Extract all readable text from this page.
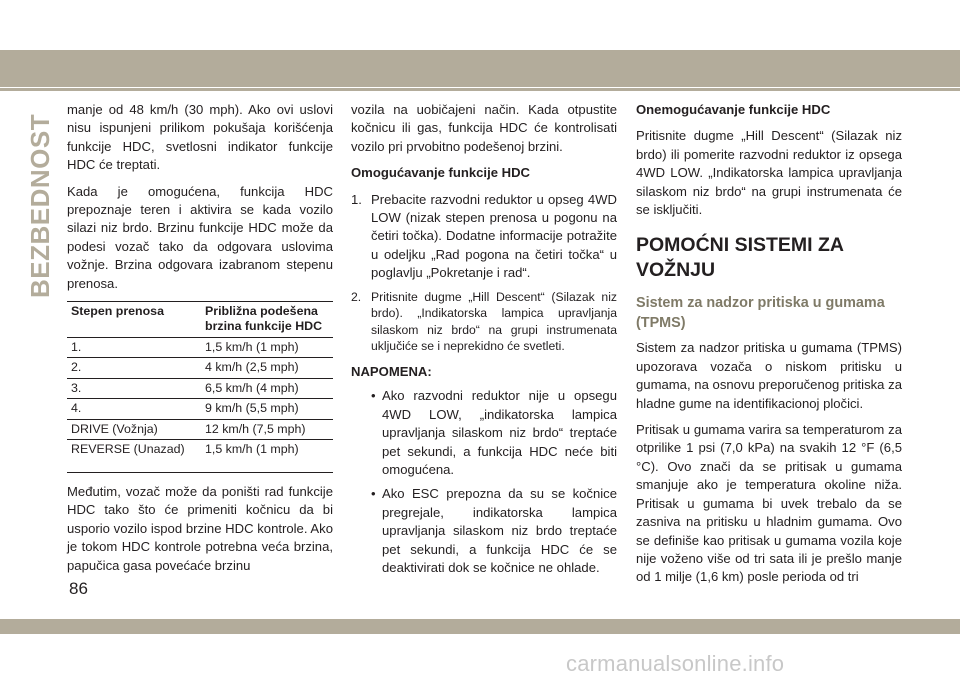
BEZBEDNOST

manje od 48 km/h (30 mph). Ako ovi uslovi nisu ispunjeni prilikom pokušaja korišćenja funkcije HDC, svetlosni indikator funkcije HDC će treptati.

Kada je omogućena, funkcija HDC prepoznaje teren i aktivira se kada vozilo silazi niz brdo. Brzinu funkcije HDC može da podesi vozač tako da odgovara uslovima vožnje. Brzina odgovara izabranom stepenu prenosa.

Stepen prenosa	Približna podešena brzina funkcije HDC
1.	1,5 km/h (1 mph)
2.	4 km/h (2,5 mph)
3.	6,5 km/h (4 mph)
4.	9 km/h (5,5 mph)
DRIVE (Vožnja)	12 km/h (7,5 mph)
REVERSE (Unazad)	1,5 km/h (1 mph)

Međutim, vozač može da poništi rad funkcije HDC tako što će primeniti kočnicu da bi usporio vozilo ispod brzine HDC kontrole. Ako je tokom HDC kontrole potrebna veća brzina, papučica gasa povećaće brzinu

vozila na uobičajeni način. Kada otpustite kočnicu ili gas, funkcija HDC će kontrolisati vozilo pri prvobitno podešenoj brzini.

Omogućavanje funkcije HDC
1. Prebacite razvodni reduktor u opseg 4WD LOW (nizak stepen prenosa u pogonu na četiri točka). Dodatne informacije potražite u odeljku „Rad pogona na četiri točka“ u poglavlju „Pokretanje i rad“.
2. Pritisnite dugme „Hill Descent“ (Silazak niz brdo). „Indikatorska lampica upravljanja silaskom niz brdo“ na grupi instrumenata uključiće se i neprekidno će svetleti.
NAPOMENA:
• Ako razvodni reduktor nije u opsegu 4WD LOW, „indikatorska lampica upravljanja silaskom niz brdo“ treptaće pet sekundi, a funkcija HDC neće biti omogućena.
• Ako ESC prepozna da su se kočnice pregrejale, indikatorska lampica upravljanja silaskom niz brdo treptaće pet sekundi, a funkcija HDC će se deaktivirati dok se kočnice ne ohlade.
Onemogućavanje funkcije HDC

Pritisnite dugme „Hill Descent“ (Silazak niz brdo) ili pomerite razvodni reduktor iz opsega 4WD LOW. „Indikatorska lampica upravljanja silaskom niz brdo“ na grupi instrumenata će se isključiti.

POMOĆNI SISTEMI ZA
VOŽNJU
Sistem za nadzor pritiska u gumama
(TPMS)

Sistem za nadzor pritiska u gumama (TPMS) upozorava vozača o niskom pritisku u gumama, na osnovu preporučenog pritiska za hladne gume na identifikacionoj pločici.

Pritisak u gumama varira sa temperaturom za otprilike 1 psi (7,0 kPa) na svakih 12 °F (6,5 °C). Ovo znači da se pritisak u gumama smanjuje ako je temperatura okoline niža. Pritisak u gumama bi uvek trebalo da se zasniva na pritisku u hladnim gumama. Ovo se definiše kao pritisak u gumama vozila koje nije voženo više od tri sata ili je prešlo manje od 1 milje (1,6 km) posle perioda od tri

86
carmanualsonline.info
